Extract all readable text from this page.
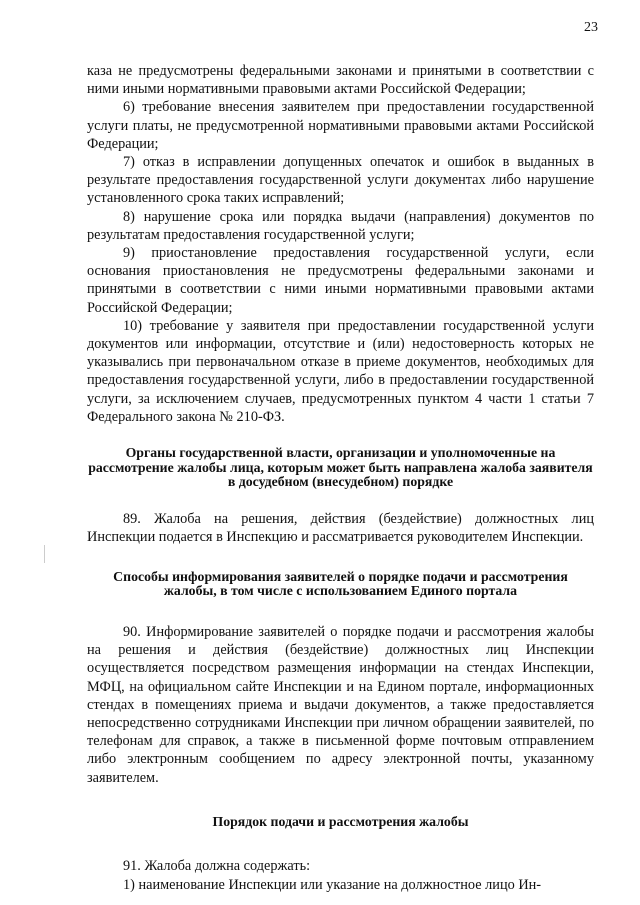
23

каза не предусмотрены федеральными законами и принятыми в соответствии с ними иными нормативными правовыми актами Российской Федерации;

6) требование внесения заявителем при предоставлении государственной услуги платы, не предусмотренной нормативными правовыми актами Российской Федерации;

7) отказ в исправлении допущенных опечаток и ошибок в выданных в результате предоставления государственной услуги документах либо нарушение установленного срока таких исправлений;

8) нарушение срока или порядка выдачи (направления) документов по результатам предоставления государственной услуги;

9) приостановление предоставления государственной услуги, если основания приостановления не предусмотрены федеральными законами и принятыми в соответствии с ними иными нормативными правовыми актами Российской Федерации;

10) требование у заявителя при предоставлении государственной услуги документов или информации, отсутствие и (или) недостоверность которых не указывались при первоначальном отказе в приеме документов, необходимых для предоставления государственной услуги, либо в предоставлении государственной услуги, за исключением случаев, предусмотренных пунктом 4 части 1 статьи 7 Федерального закона № 210-ФЗ.

Органы государственной власти, организации и уполномоченные на рассмотрение жалобы лица, которым может быть направлена жалоба заявителя в досудебном (внесудебном) порядке

89. Жалоба на решения, действия (бездействие) должностных лиц Инспекции подается в Инспекцию и рассматривается руководителем Инспекции.

Способы информирования заявителей о порядке подачи и рассмотрения жалобы, в том числе с использованием Единого портала

90. Информирование заявителей о порядке подачи и рассмотрения жалобы на решения и действия (бездействие) должностных лиц Инспекции осуществляется посредством размещения информации на стендах Инспекции, МФЦ, на официальном сайте Инспекции и на Едином портале, информационных стендах в помещениях приема и выдачи документов, а также предоставляется непосредственно сотрудниками Инспекции при личном обращении заявителей, по телефонам для справок, а также в письменной форме почтовым отправлением либо электронным сообщением по адресу электронной почты, указанному заявителем.

Порядок подачи и рассмотрения жалобы

91. Жалоба должна содержать:

1) наименование Инспекции или указание на должностное лицо Ин-
